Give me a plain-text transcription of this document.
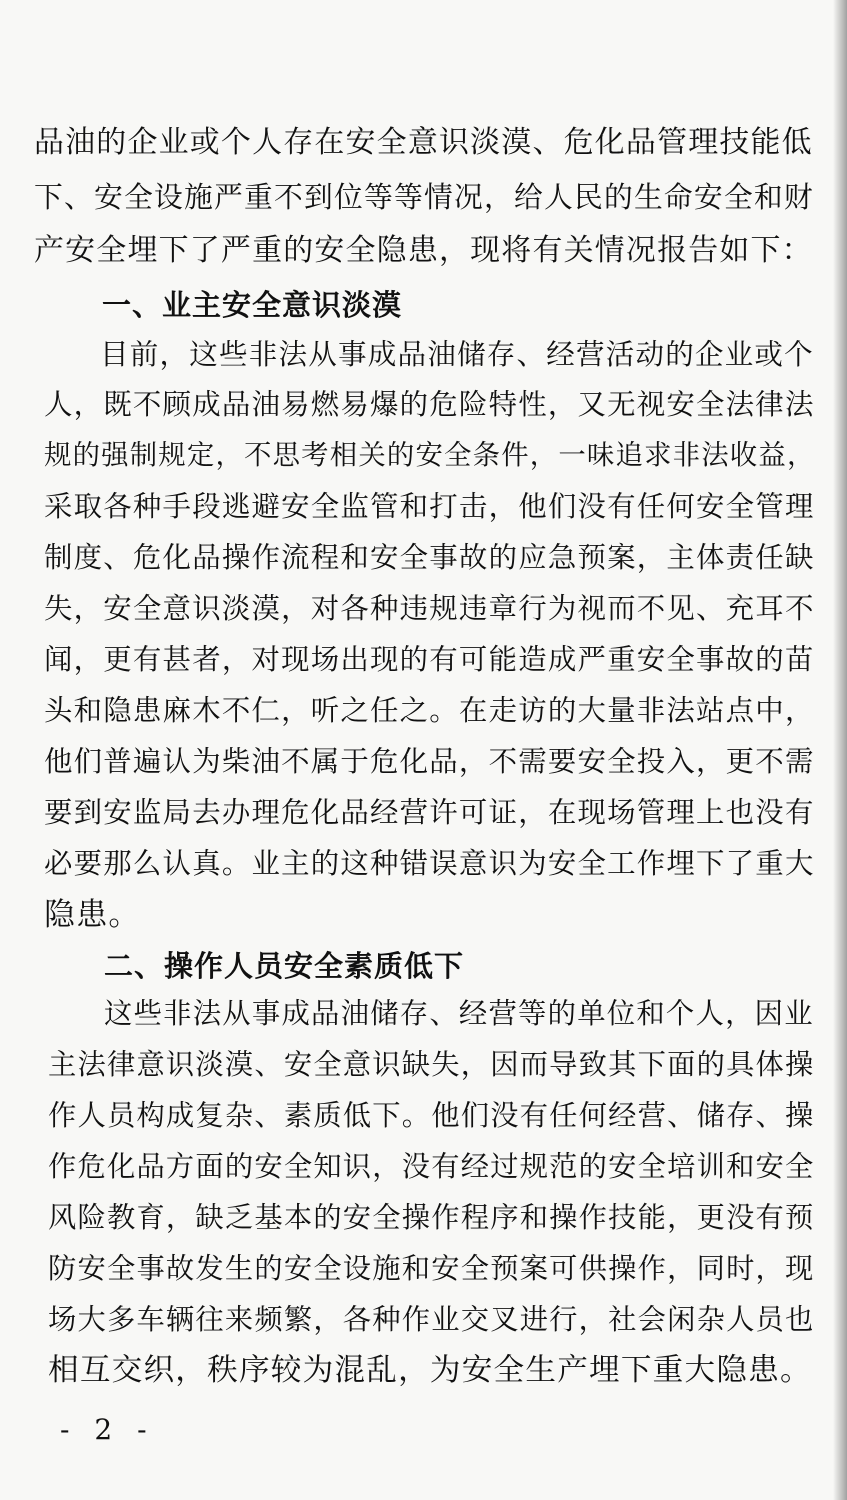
品油的企业或个人存在安全意识淡漠、危化品管理技能低
下、安全设施严重不到位等等情况，给人民的生命安全和财
产安全埋下了严重的安全隐患，现将有关情况报告如下：
一、业主安全意识淡漠
目前，这些非法从事成品油储存、经营活动的企业或个
人，既不顾成品油易燃易爆的危险特性，又无视安全法律法
规的强制规定，不思考相关的安全条件，一味追求非法收益，
采取各种手段逃避安全监管和打击，他们没有任何安全管理
制度、危化品操作流程和安全事故的应急预案，主体责任缺
失，安全意识淡漠，对各种违规违章行为视而不见、充耳不
闻，更有甚者，对现场出现的有可能造成严重安全事故的苗
头和隐患麻木不仁，听之任之。在走访的大量非法站点中，
他们普遍认为柴油不属于危化品，不需要安全投入，更不需
要到安监局去办理危化品经营许可证，在现场管理上也没有
必要那么认真。业主的这种错误意识为安全工作埋下了重大
隐患。
二、操作人员安全素质低下
这些非法从事成品油储存、经营等的单位和个人，因业
主法律意识淡漠、安全意识缺失，因而导致其下面的具体操
作人员构成复杂、素质低下。他们没有任何经营、储存、操
作危化品方面的安全知识，没有经过规范的安全培训和安全
风险教育，缺乏基本的安全操作程序和操作技能，更没有预
防安全事故发生的安全设施和安全预案可供操作，同时，现
场大多车辆往来频繁，各种作业交叉进行，社会闲杂人员也
相互交织，秩序较为混乱，为安全生产埋下重大隐患。
- 2 -
